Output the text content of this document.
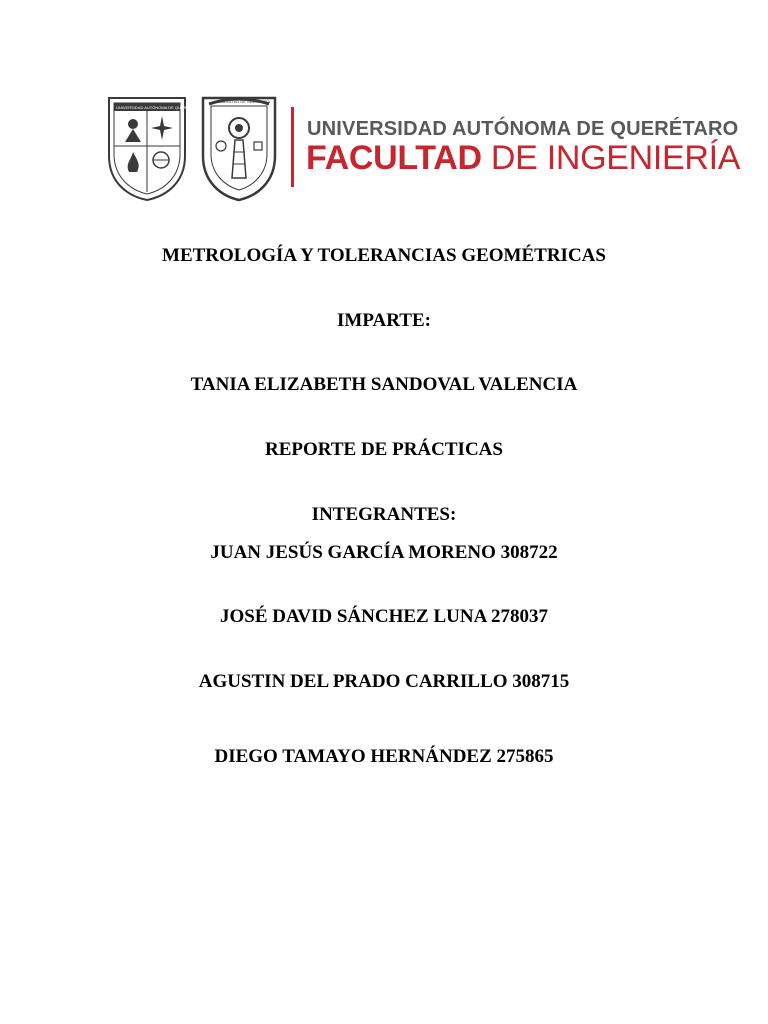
UNIVERSIDAD AUTÓNOMA DE QUERÉTARO
FACULTAD DE INGENIERÍA
UNIVERSIDAD AUTÓNOMA DE QUERÉTARO
FACULTAD DE INGENIERÍA
METROLOGÍA Y TOLERANCIAS GEOMÉTRICAS
IMPARTE:
TANIA ELIZABETH SANDOVAL VALENCIA
REPORTE DE PRÁCTICAS
INTEGRANTES:
JUAN JESÚS GARCÍA MORENO 308722
JOSÉ DAVID SÁNCHEZ LUNA 278037
AGUSTIN DEL PRADO CARRILLO 308715
DIEGO TAMAYO HERNÁNDEZ 275865
